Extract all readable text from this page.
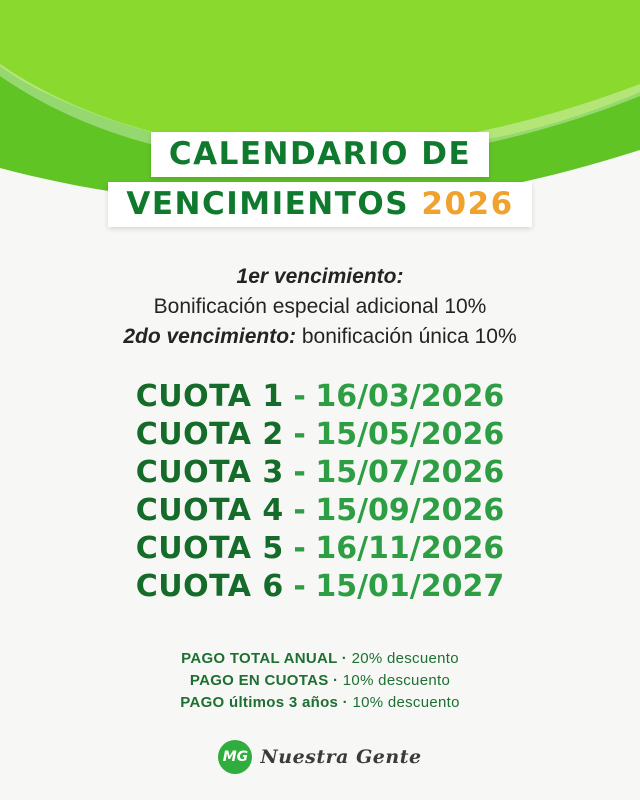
CALENDARIO DE VENCIMIENTOS 2026
1er vencimiento:
Bonificación especial adicional 10%
2do vencimiento: bonificación única 10%
CUOTA 1 - 16/03/2026
CUOTA 2 - 15/05/2026
CUOTA 3 - 15/07/2026
CUOTA 4 - 15/09/2026
CUOTA 5 - 16/11/2026
CUOTA 6 - 15/01/2027
PAGO TOTAL ANUAL · 20% descuento
PAGO EN CUOTAS · 10% descuento
PAGO últimos 3 años · 10% descuento
MG Nuestra Gente
